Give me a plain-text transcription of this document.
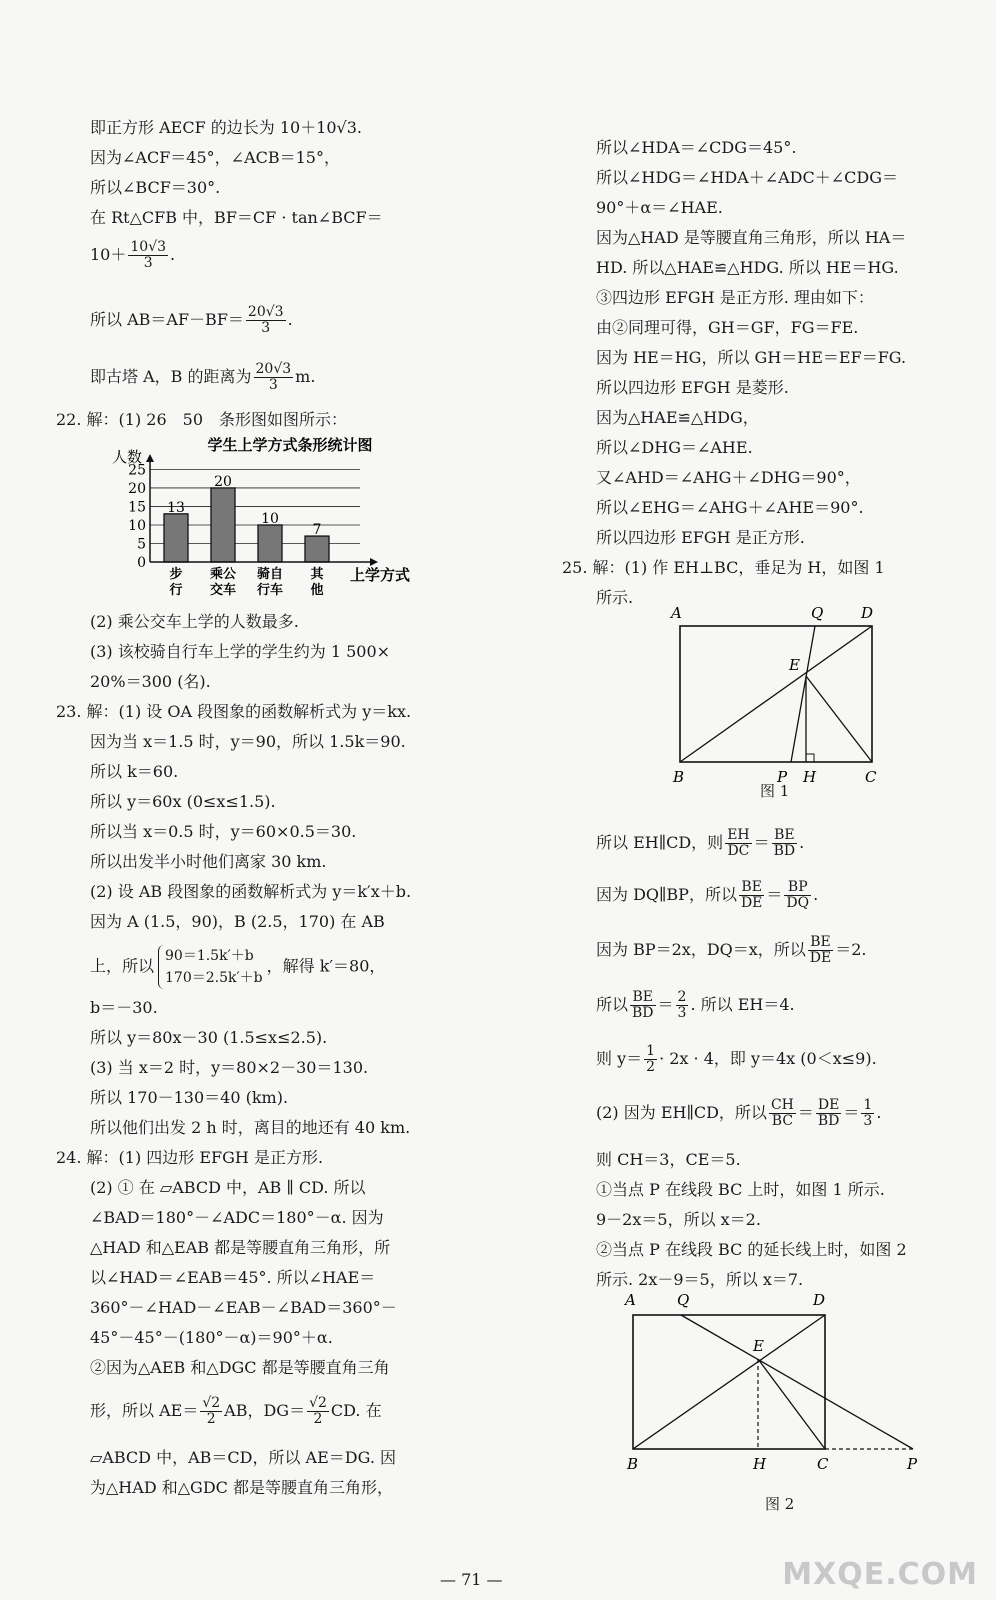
即正方形 AECF 的边长为 10＋10√3.
因为∠ACF＝45°，∠ACB＝15°，
所以∠BCF＝30°.
在 Rt△CFB 中，BF＝CF · tan∠BCF＝
$10+ \frac{10√3}{3}$ .
所以 $AB=AF-BF= \frac{20√3}{3}$ .
即古塔 A，B 的距离为 $\frac{20√3}{3} m$.
22. 解：(1) 26　50　条形图如图所示：
学生上学方式条形统计图
人数
0
5
10
15
20
25
13
步
行
20
乘公
交车
10
骑自
行车
7
其
他
上学方式
(2) 乘公交车上学的人数最多.
(3) 该校骑自行车上学的学生约为 1 500×
20%＝300 (名).
23. 解：(1) 设 OA 段图象的函数解析式为 y＝kx.
因为当 x＝1.5 时，y＝90，所以 1.5k＝90.
所以 k＝60.
所以 y＝60x (0≤x≤1.5).
所以当 x＝0.5 时，y＝60×0.5＝30.
所以出发半小时他们离家 30 km.
(2) 设 AB 段图象的函数解析式为 y＝k′x＋b.
因为 A (1.5，90)，B (2.5，170) 在 AB
上，所以
90＝1.5k′＋b
170＝2.5k′＋b
，解得 k′＝80，
b＝－30.
所以 y＝80x－30 (1.5≤x≤2.5).
(3) 当 x＝2 时，y＝80×2－30＝130.
所以 170－130＝40 (km).
所以他们出发 2 h 时，离目的地还有 40 km.
24. 解：(1) 四边形 EFGH 是正方形.
(2) ① 在 ▱ABCD 中，AB ∥ CD. 所以
∠BAD＝180°－∠ADC＝180°－α. 因为
△HAD 和△EAB 都是等腰直角三角形，所
以∠HAD＝∠EAB＝45°. 所以∠HAE＝
360°－∠HAD－∠EAB－∠BAD＝360°－
45°－45°－(180°－α)＝90°＋α.
②因为△AEB 和△DGC 都是等腰直角三角
形，所以 $AE= \frac{√2}{2}$ AB，$DG= \frac{√2}{2}$ CD. 在
▱ABCD 中，AB＝CD，所以 AE＝DG. 因
为△HAD 和△GDC 都是等腰直角三角形，
所以∠HDA＝∠CDG＝45°.
所以∠HDG＝∠HDA＋∠ADC＋∠CDG＝
90°＋α＝∠HAE.
因为△HAD 是等腰直角三角形，所以 HA＝
HD. 所以△HAE≌△HDG. 所以 HE＝HG.
③四边形 EFGH 是正方形. 理由如下：
由②同理可得，GH＝GF，FG＝FE.
因为 HE＝HG，所以 GH＝HE＝EF＝FG.
所以四边形 EFGH 是菱形.
因为△HAE≌△HDG，
所以∠DHG＝∠AHE.
又∠AHD＝∠AHG＋∠DHG＝90°，
所以∠EHG＝∠AHG＋∠AHE＝90°.
所以四边形 EFGH 是正方形.
25. 解：(1) 作 EH⊥BC，垂足为 H，如图 1
所示.
A	Q	D
E
B	P H	C
图 1
所以 EH∥CD，则 $\frac{EH}{DC} = \frac{BE}{BD}$ .
因为 DQ∥BP，所以 $\frac{BE}{DE} = \frac{BP}{DQ}$ .
因为 BP＝2x，DQ＝x，所以 $\frac{BE}{DE} =2$.
所以 $\frac{BE}{BD} = \frac{2}{3}$ . 所以 EH＝4.
则 $y= \frac{1}{2} \cdot 2x \cdot 4$，即 y＝4x (0＜x≤9).
(2) 因为 EH∥CD，所以 $\frac{CH}{BC} = \frac{DE}{BD} = \frac{1}{3}$ .
则 CH＝3，CE＝5.
①当点 P 在线段 BC 上时，如图 1 所示.
9－2x＝5，所以 x＝2.
②当点 P 在线段 BC 的延长线上时，如图 2
所示. 2x－9＝5，所以 x＝7.
A	Q	D
E
B	H	C	P
图 2
— 71 —	MXQE.COM
